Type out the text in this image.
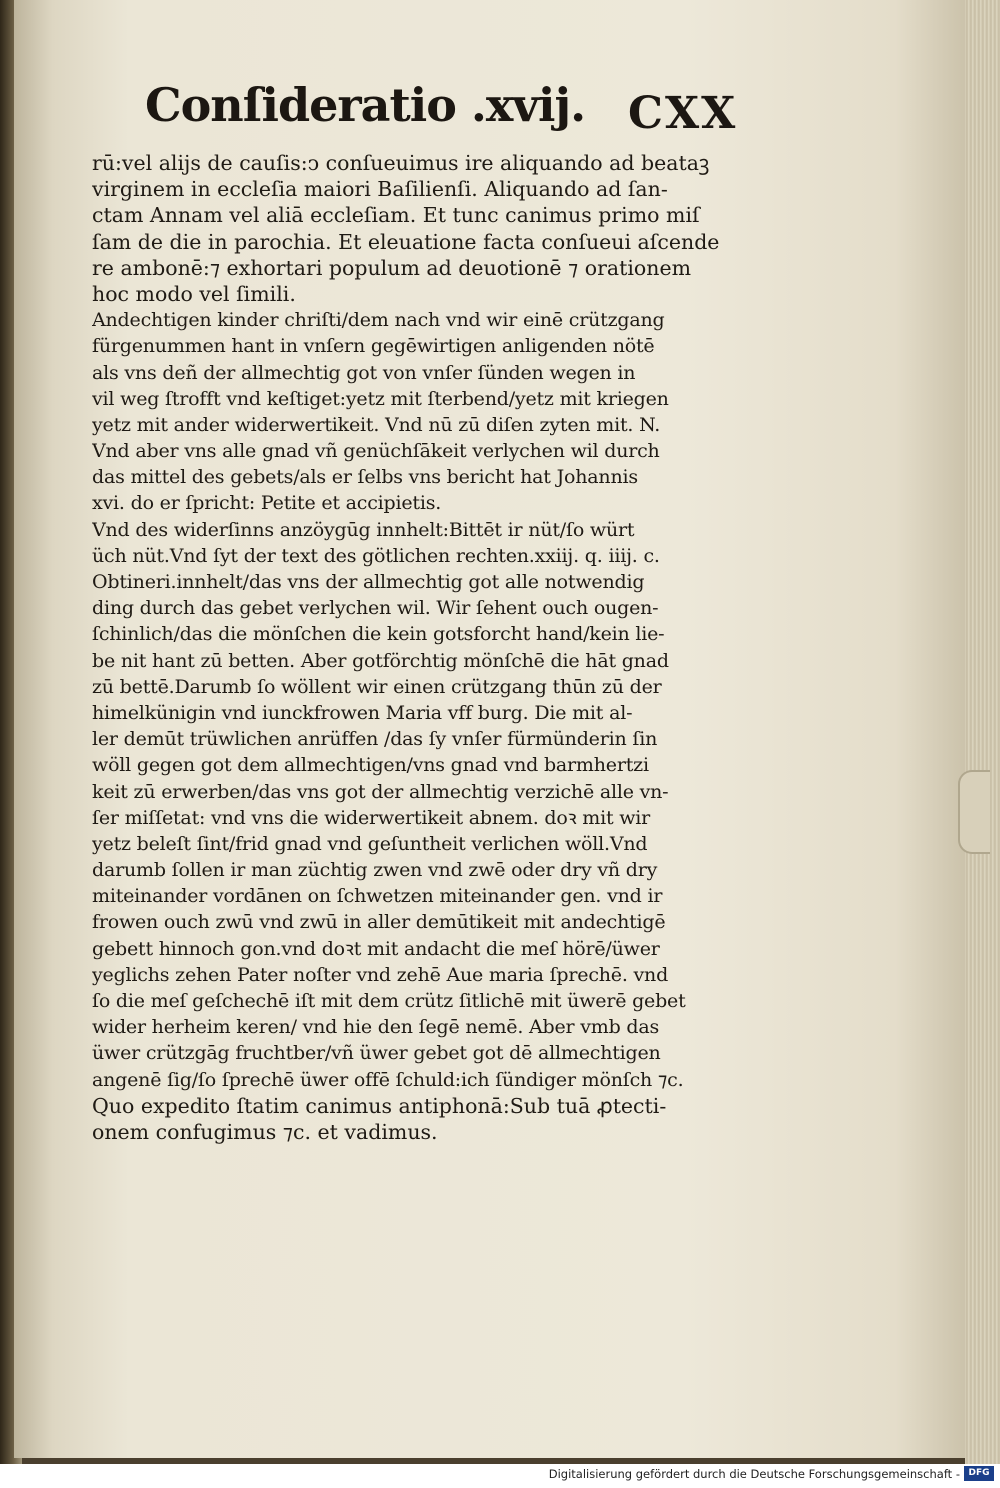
Conſideratio .xvij. CXX
rū:vel alijs de cauſis:ↄ conſueuimus ire aliquando ad beataꝫ
virginem in eccleſia maiori Baſilienſi. Aliquando ad ſan-
ctam Annam vel aliā eccleſiam. Et tunc canimus primo miſ
ſam de die in parochia. Et eleuatione facta conſueui aſcende
re ambonē:⁊ exhortari populum ad deuotionē ⁊ orationem
hoc modo vel ſimili.
Andechtigen kinder chriſti/dem nach vnd wir einē crützgang
fürgenummen hant in vnſern gegēwirtigen anligenden nötē
als vns deñ der allmechtig got von vnſer ſünden wegen in
vil weg ſtrofft vnd keſtiget:yetz mit ſterbend/yetz mit kriegen
yetz mit ander widerwertikeit. Vnd nū zū diſen zyten mit. N.
Vnd aber vns alle gnad vñ genüchſākeit verlychen wil durch
das mittel des gebets/als er ſelbs vns bericht hat Johannis
xvi. do er ſpricht: Petite et accipietis.
Vnd des widerſinns anzöygūg innhelt:Bittēt ir nüt/ſo würt
üch nüt.Vnd ſyt der text des götlichen rechten.xxiij. q. iiij. c.
Obtineri.innhelt/das vns der allmechtig got alle notwendig
ding durch das gebet verlychen wil. Wir ſehent ouch ougen-
ſchinlich/das die mönſchen die kein gotsforcht hand/kein lie-
be nit hant zū betten. Aber gotförchtig mönſchē die hāt gnad
zū bettē.Darumb ſo wöllent wir einen crützgang thūn zū der
himelkünigin vnd iunckfrowen Maria vff burg. Die mit al-
ler demūt trüwlichen anrüffen /das ſy vnſer fürmünderin ſin
wöll gegen got dem allmechtigen/vns gnad vnd barmhertzi
keit zū erwerben/das vns got der allmechtig verzichē alle vn-
ſer miſſetat: vnd vns die widerwertikeit abnem. doꝛ mit wir
yetz beleſt ſint/frid gnad vnd geſuntheit verlichen wöll.Vnd
darumb ſollen ir man züchtig zwen vnd zwē oder dry vñ dry
miteinander vordānen on ſchwetzen miteinander gen. vnd ir
frowen ouch zwū vnd zwū in aller demūtikeit mit andechtigē
gebett hinnoch gon.vnd doꝛt mit andacht die meſ hörē/üwer
yeglichs zehen Pater noſter vnd zehē Aue maria ſprechē. vnd
ſo die meſ geſchechē iſt mit dem crütz ſitlichē mit üwerē gebet
wider herheim keren/ vnd hie den ſegē nemē. Aber vmb das
üwer crützgāg fruchtber/vñ üwer gebet got dē allmechtigen
angenē ſig/ſo ſprechē üwer offē ſchuld:ich ſündiger mönſch ⁊c.
Quo expedito ſtatim canimus antiphonā:Sub tuā ꝓtecti-
onem confugimus ⁊c. et vadimus.
Digitalisierung gefördert durch die Deutsche Forschungsgemeinschaft - DFG
